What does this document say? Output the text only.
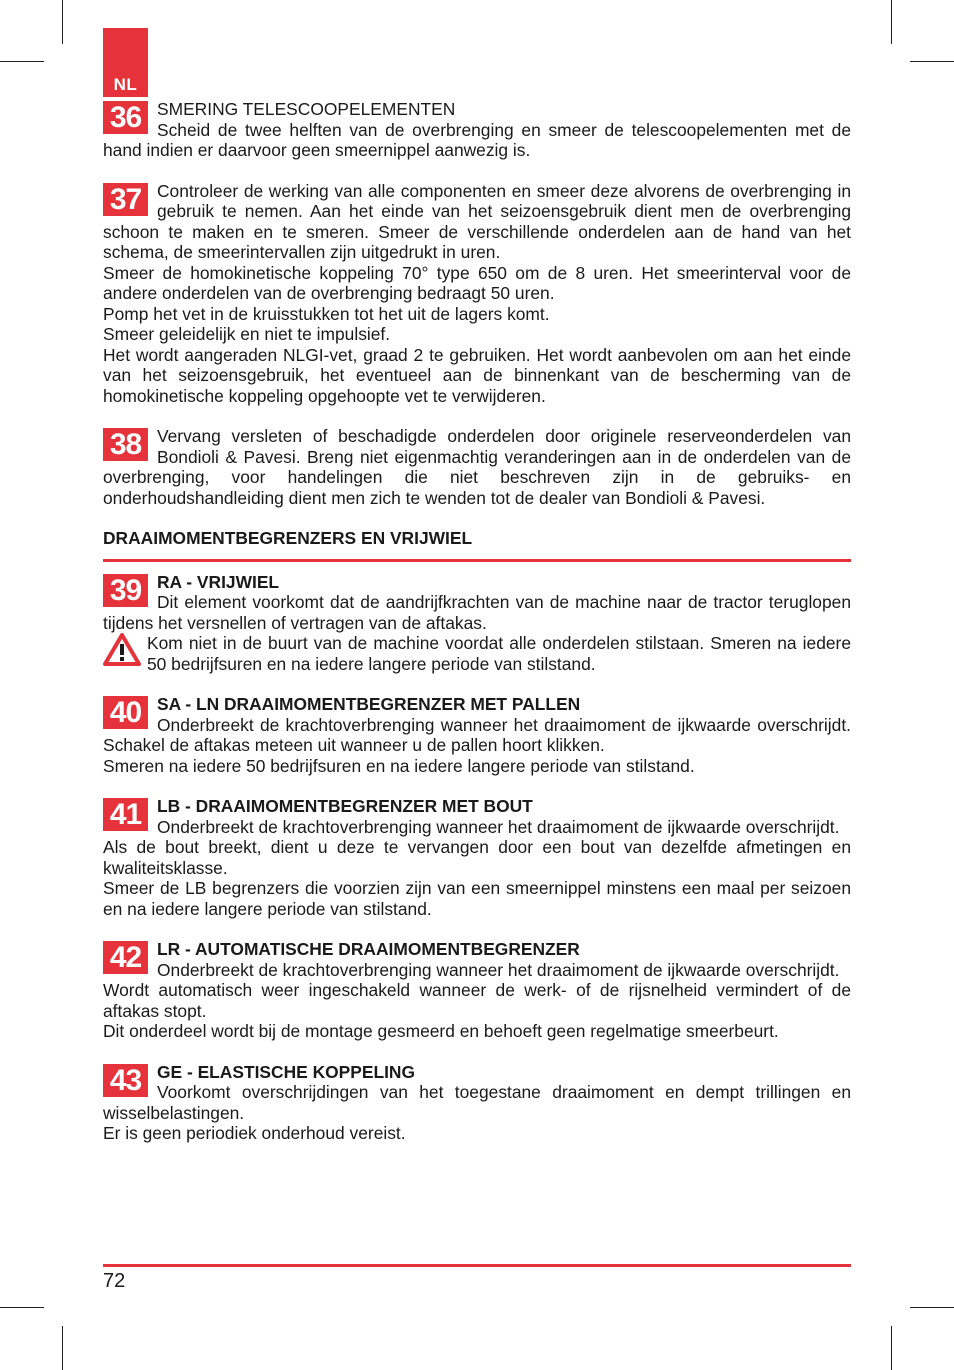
NL
36 SMERING TELESCOOPELEMENTEN

Scheid de twee helften van de overbrenging en smeer de telescoopelementen met de hand indien er daarvoor geen smeernippel aanwezig is.

37 Controleer de werking van alle componenten en smeer deze alvorens de overbrenging in gebruik te nemen. Aan het einde van het seizoensgebruik dient men de overbrenging schoon te maken en te smeren. Smeer de verschillende onderdelen aan de hand van het schema, de smeerintervallen zijn uitgedrukt in uren.

Smeer de homokinetische koppeling 70° type 650 om de 8 uren. Het smeerinterval voor de andere onderdelen van de overbrenging bedraagt 50 uren.

Pomp het vet in de kruisstukken tot het uit de lagers komt.

Smeer geleidelijk en niet te impulsief.

Het wordt aangeraden NLGI-vet, graad 2 te gebruiken. Het wordt aanbevolen om aan het einde van het seizoensgebruik, het eventueel aan de binnenkant van de bescherming van de homokinetische koppeling opgehoopte vet te verwijderen.

38 Vervang versleten of beschadigde onderdelen door originele reserveonderdelen van Bondioli & Pavesi. Breng niet eigenmachtig veranderingen aan in de onderdelen van de overbrenging, voor handelingen die niet beschreven zijn in de gebruiks- en onderhoudshandleiding dient men zich te wenden tot de dealer van Bondioli & Pavesi.

DRAAIMOMENTBEGRENZERS EN VRIJWIEL

39 RA - VRIJWIEL

Dit element voorkomt dat de aandrijfkrachten van de machine naar de tractor teruglopen tijdens het versnellen of vertragen van de aftakas.

Kom niet in de buurt van de machine voordat alle onderdelen stilstaan. Smeren na iedere 50 bedrijfsuren en na iedere langere periode van stilstand.

40 SA - LN DRAAIMOMENTBEGRENZER MET PALLEN

Onderbreekt de krachtoverbrenging wanneer het draaimoment de ijkwaarde overschrijdt. Schakel de aftakas meteen uit wanneer u de pallen hoort klikken.

Smeren na iedere 50 bedrijfsuren en na iedere langere periode van stilstand.

41 LB - DRAAIMOMENTBEGRENZER MET BOUT

Onderbreekt de krachtoverbrenging wanneer het draaimoment de ijkwaarde overschrijdt.

Als de bout breekt, dient u deze te vervangen door een bout van dezelfde afmetingen en kwaliteitsklasse.

Smeer de LB begrenzers die voorzien zijn van een smeernippel minstens een maal per seizoen en na iedere langere periode van stilstand.

42 LR - AUTOMATISCHE DRAAIMOMENTBEGRENZER

Onderbreekt de krachtoverbrenging wanneer het draaimoment de ijkwaarde overschrijdt.

Wordt automatisch weer ingeschakeld wanneer de werk- of de rijsnelheid vermindert of de aftakas stopt.

Dit onderdeel wordt bij de montage gesmeerd en behoeft geen regelmatige smeerbeurt.

43 GE - ELASTISCHE KOPPELING

Voorkomt overschrijdingen van het toegestane draaimoment en dempt trillingen en wisselbelastingen.

Er is geen periodiek onderhoud vereist.

72
